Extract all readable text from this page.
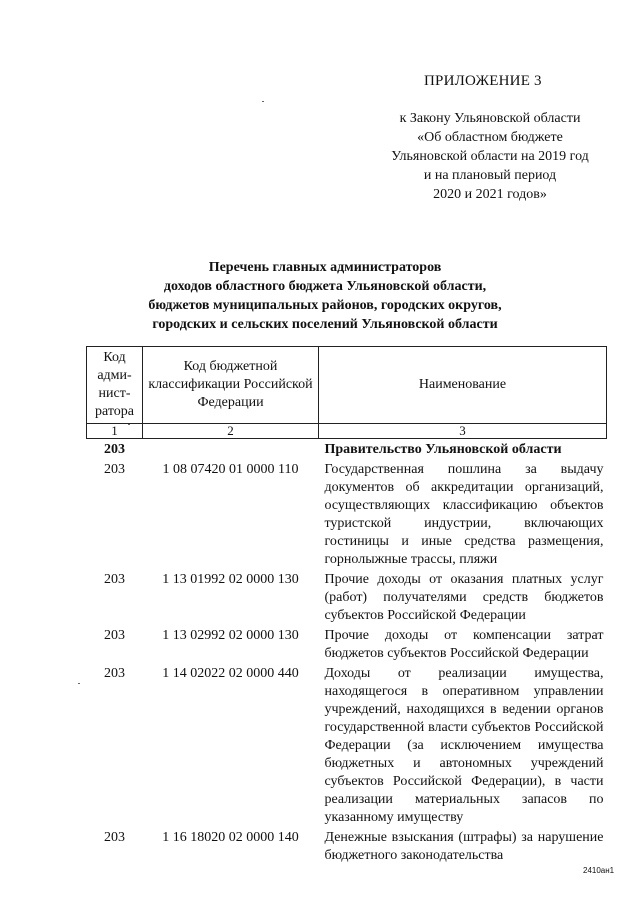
ПРИЛОЖЕНИЕ 3
к Закону Ульяновской области
«Об областном бюджете
Ульяновской области на 2019 год
и на плановый период
2020 и 2021 годов»
Перечень главных администраторов
доходов областного бюджета Ульяновской области,
бюджетов муниципальных районов, городских округов,
городских и сельских поселений Ульяновской области
Код адми-нист-ратора	Код бюджетной классификации Российской Федерации	Наименование
1	2	3
203		Правительство Ульяновской области
203	1 08 07420 01 0000 110	Государственная пошлина за выдачу документов об аккредитации организаций, осуществляющих классификацию объектов туристской индустрии, включающих гостиницы и иные средства размещения, горнолыжные трассы, пляжи
203	1 13 01992 02 0000 130	Прочие доходы от оказания платных услуг (работ) получателями средств бюджетов субъектов Российской Федерации
203	1 13 02992 02 0000 130	Прочие доходы от компенсации затрат бюджетов субъектов Российской Федерации
203	1 14 02022 02 0000 440	Доходы от реализации имущества, находящегося в оперативном управлении учреждений, находящихся в ведении органов государственной власти субъектов Российской Федерации (за исключением имущества бюджетных и автономных учреждений субъектов Российской Федерации), в части реализации материальных запасов по указанному имуществу
203	1 16 18020 02 0000 140	Денежные взыскания (штрафы) за нарушение бюджетного законодательства
2410ан1
